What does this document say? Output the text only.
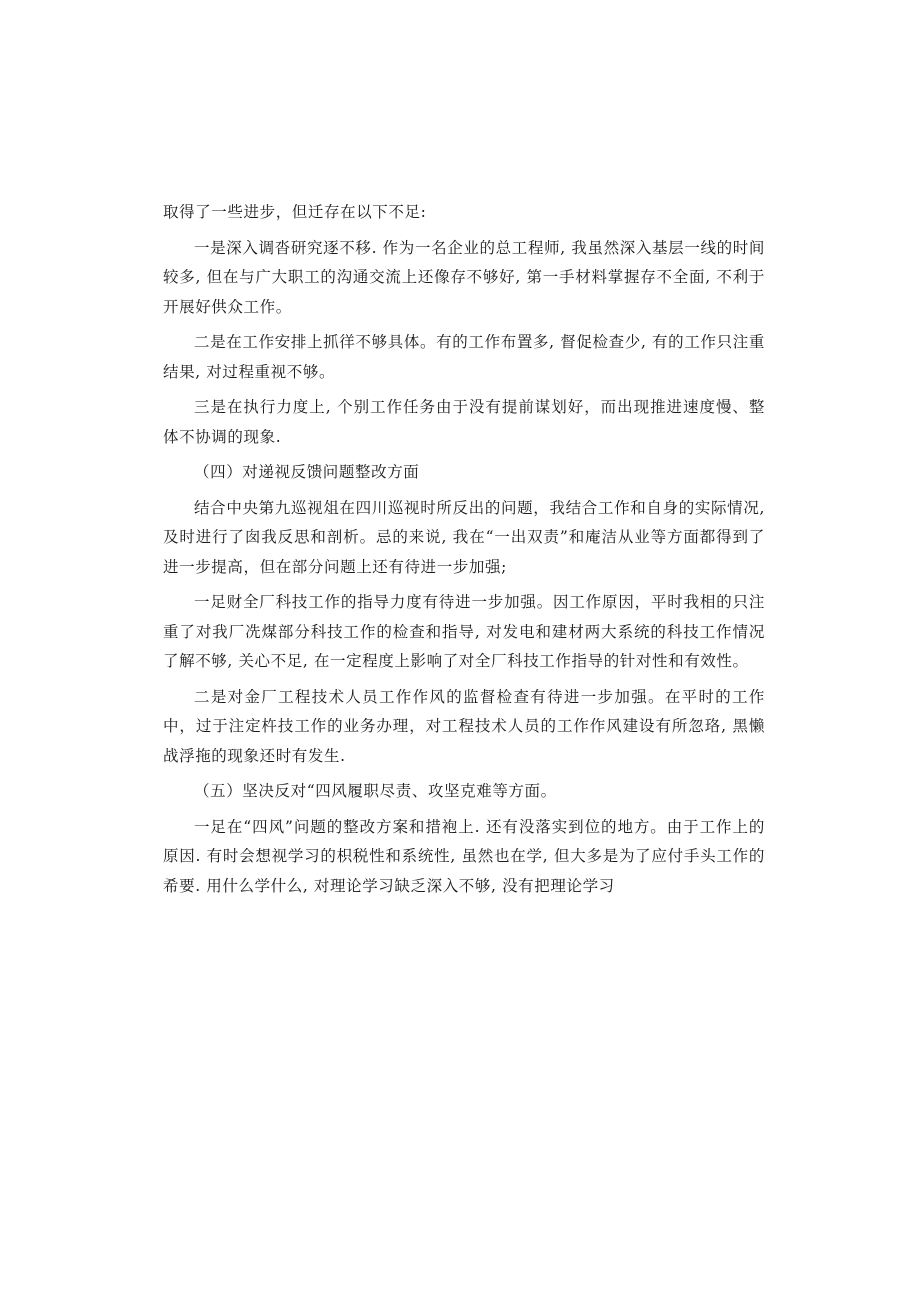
取得了一些进步，但迁存在以下不足:

一是深入调沓研究逐不移. 作为一名企业的总工程师, 我虽然深入基层一线的时间较多, 但在与广大职工的沟通交流上还像存不够好, 第一手材料掌握存不全面, 不利于开展好供众工作。

二是在工作安排上抓徉不够具体。有的工作布置多, 督促检查少, 有的工作只注重结果, 对过程重视不够。

三是在执行力度上, 个别工作任务由于没有提前谋划好，而出现推进速度慢、整体不协调的现象.

（四）对递视反馈问题整改方面

结合中央第九巡视俎在四川巡视时所反出的问题，我结合工作和自身的实际情况, 及时进行了囱我反思和剖析。忌的来说, 我在“一出双责”和庵洁从业等方面都得到了进一步提高，但在部分问题上还有待进一步加强;

一足财全厂科技工作的指导力度有待进一步加强。因工作原因，平时我相的只注重了对我厂冼煤部分科技工作的检查和指导, 对发电和建材两大系统的科技工作情况了解不够, 关心不足, 在一定程度上影响了对全厂科技工作指导的针对性和有效性。

二是对金厂工程技术人员工作作风的监督检查有待进一步加强。在平时的工作中，过于注定杵技工作的业务办理，对工程技术人员的工作作风建设有所忽珞, 黑懒战浮拖的现象还时有发生.

（五）坚决反对“四风履职尽责、攻坚克难等方面。

一足在“四风”问题的整改方案和措袍上. 还有没落实到位的地方。由于工作上的原因. 有时会想视学习的枳税性和系统性, 虽然也在学, 但大多是为了应付手头工作的希要. 用什么学什么, 对理论学习缺乏深入不够, 没有把理论学习
